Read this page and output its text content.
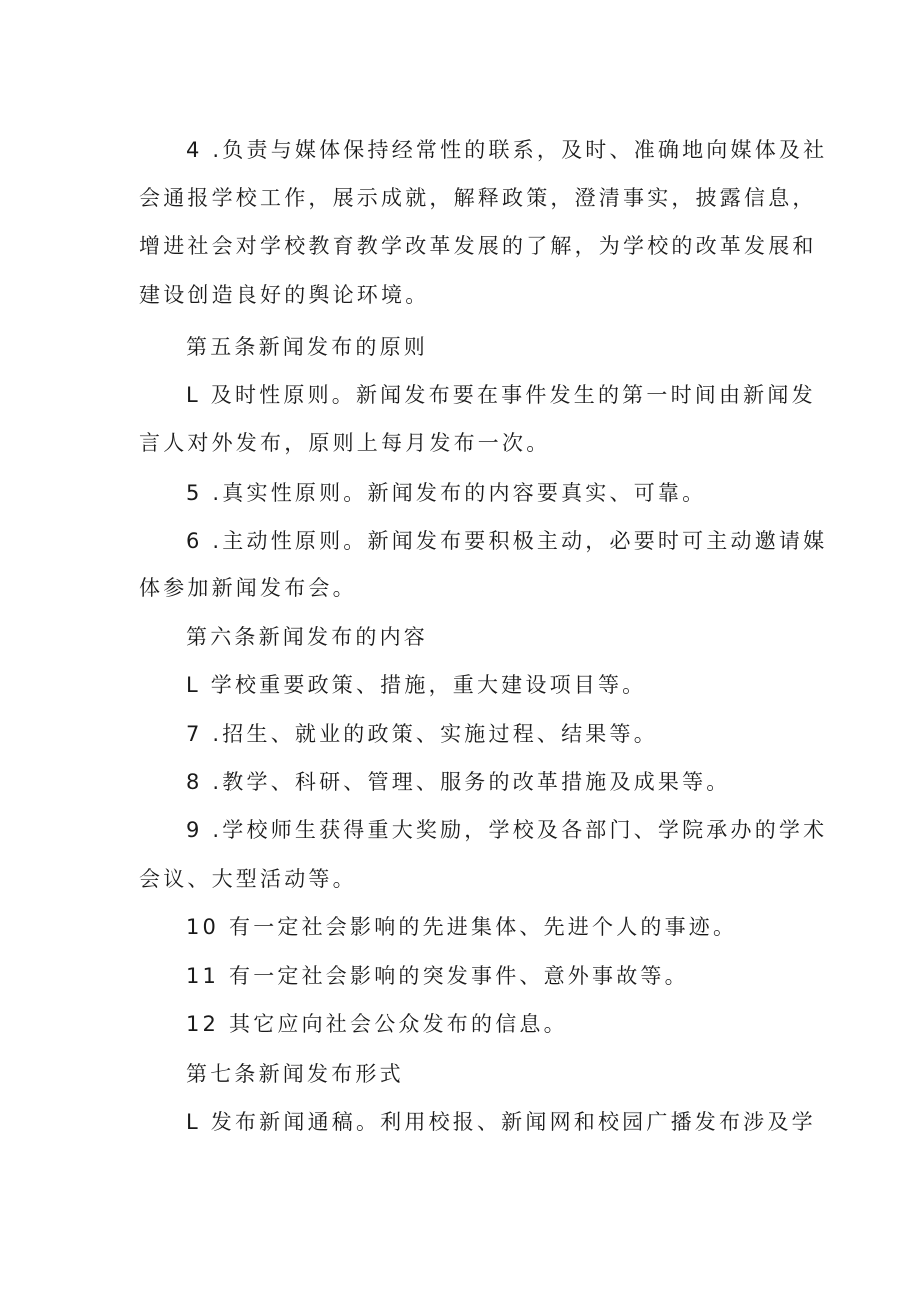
4 .负责与媒体保持经常性的联系，及时、准确地向媒体及社
会通报学校工作，展示成就，解释政策，澄清事实，披露信息，
增进社会对学校教育教学改革发展的了解，为学校的改革发展和
建设创造良好的舆论环境。
第五条新闻发布的原则
L 及时性原则。新闻发布要在事件发生的第一时间由新闻发
言人对外发布，原则上每月发布一次。
5 .真实性原则。新闻发布的内容要真实、可靠。
6 .主动性原则。新闻发布要积极主动，必要时可主动邀请媒
体参加新闻发布会。
第六条新闻发布的内容
L 学校重要政策、措施，重大建设项目等。
7 .招生、就业的政策、实施过程、结果等。
8 .教学、科研、管理、服务的改革措施及成果等。
9 .学校师生获得重大奖励，学校及各部门、学院承办的学术
会议、大型活动等。
10 有一定社会影响的先进集体、先进个人的事迹。
11 有一定社会影响的突发事件、意外事故等。
12 其它应向社会公众发布的信息。
第七条新闻发布形式
L 发布新闻通稿。利用校报、新闻网和校园广播发布涉及学
